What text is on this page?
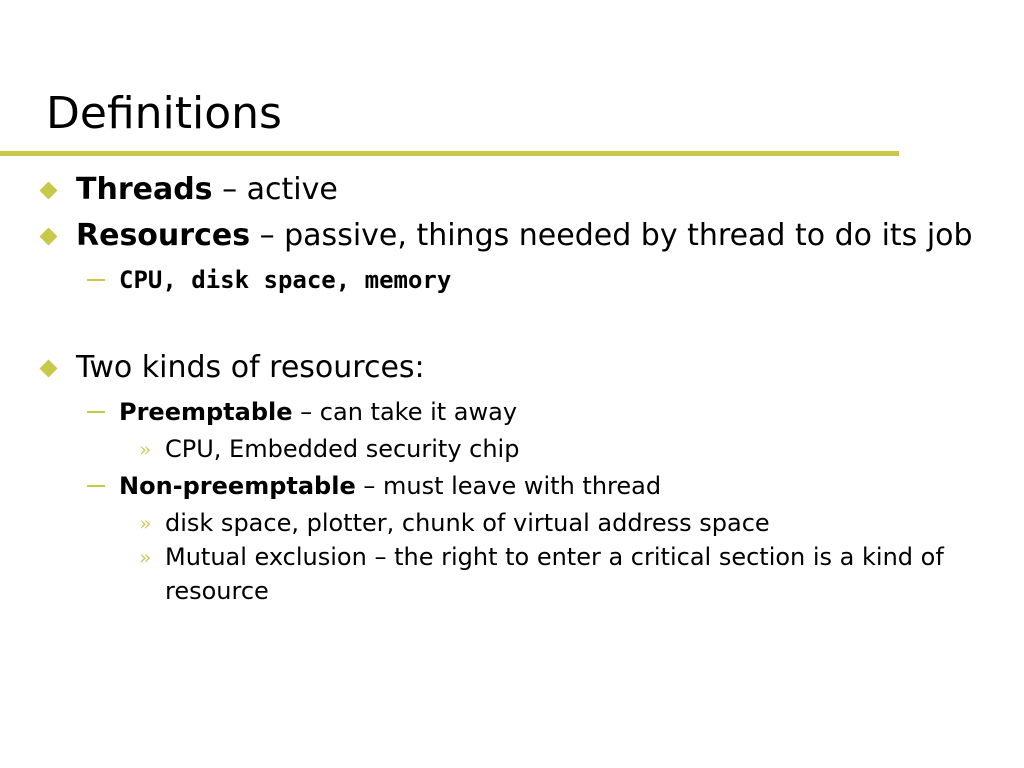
Definitions
Threads – active
Resources – passive, things needed by thread to do its job
CPU, disk space, memory
Two kinds of resources:
Preemptable – can take it away
» CPU, Embedded security chip
Non-preemptable – must leave with thread
» disk space, plotter, chunk of virtual address space
» Mutual exclusion – the right to enter a critical section is a kind of resource
